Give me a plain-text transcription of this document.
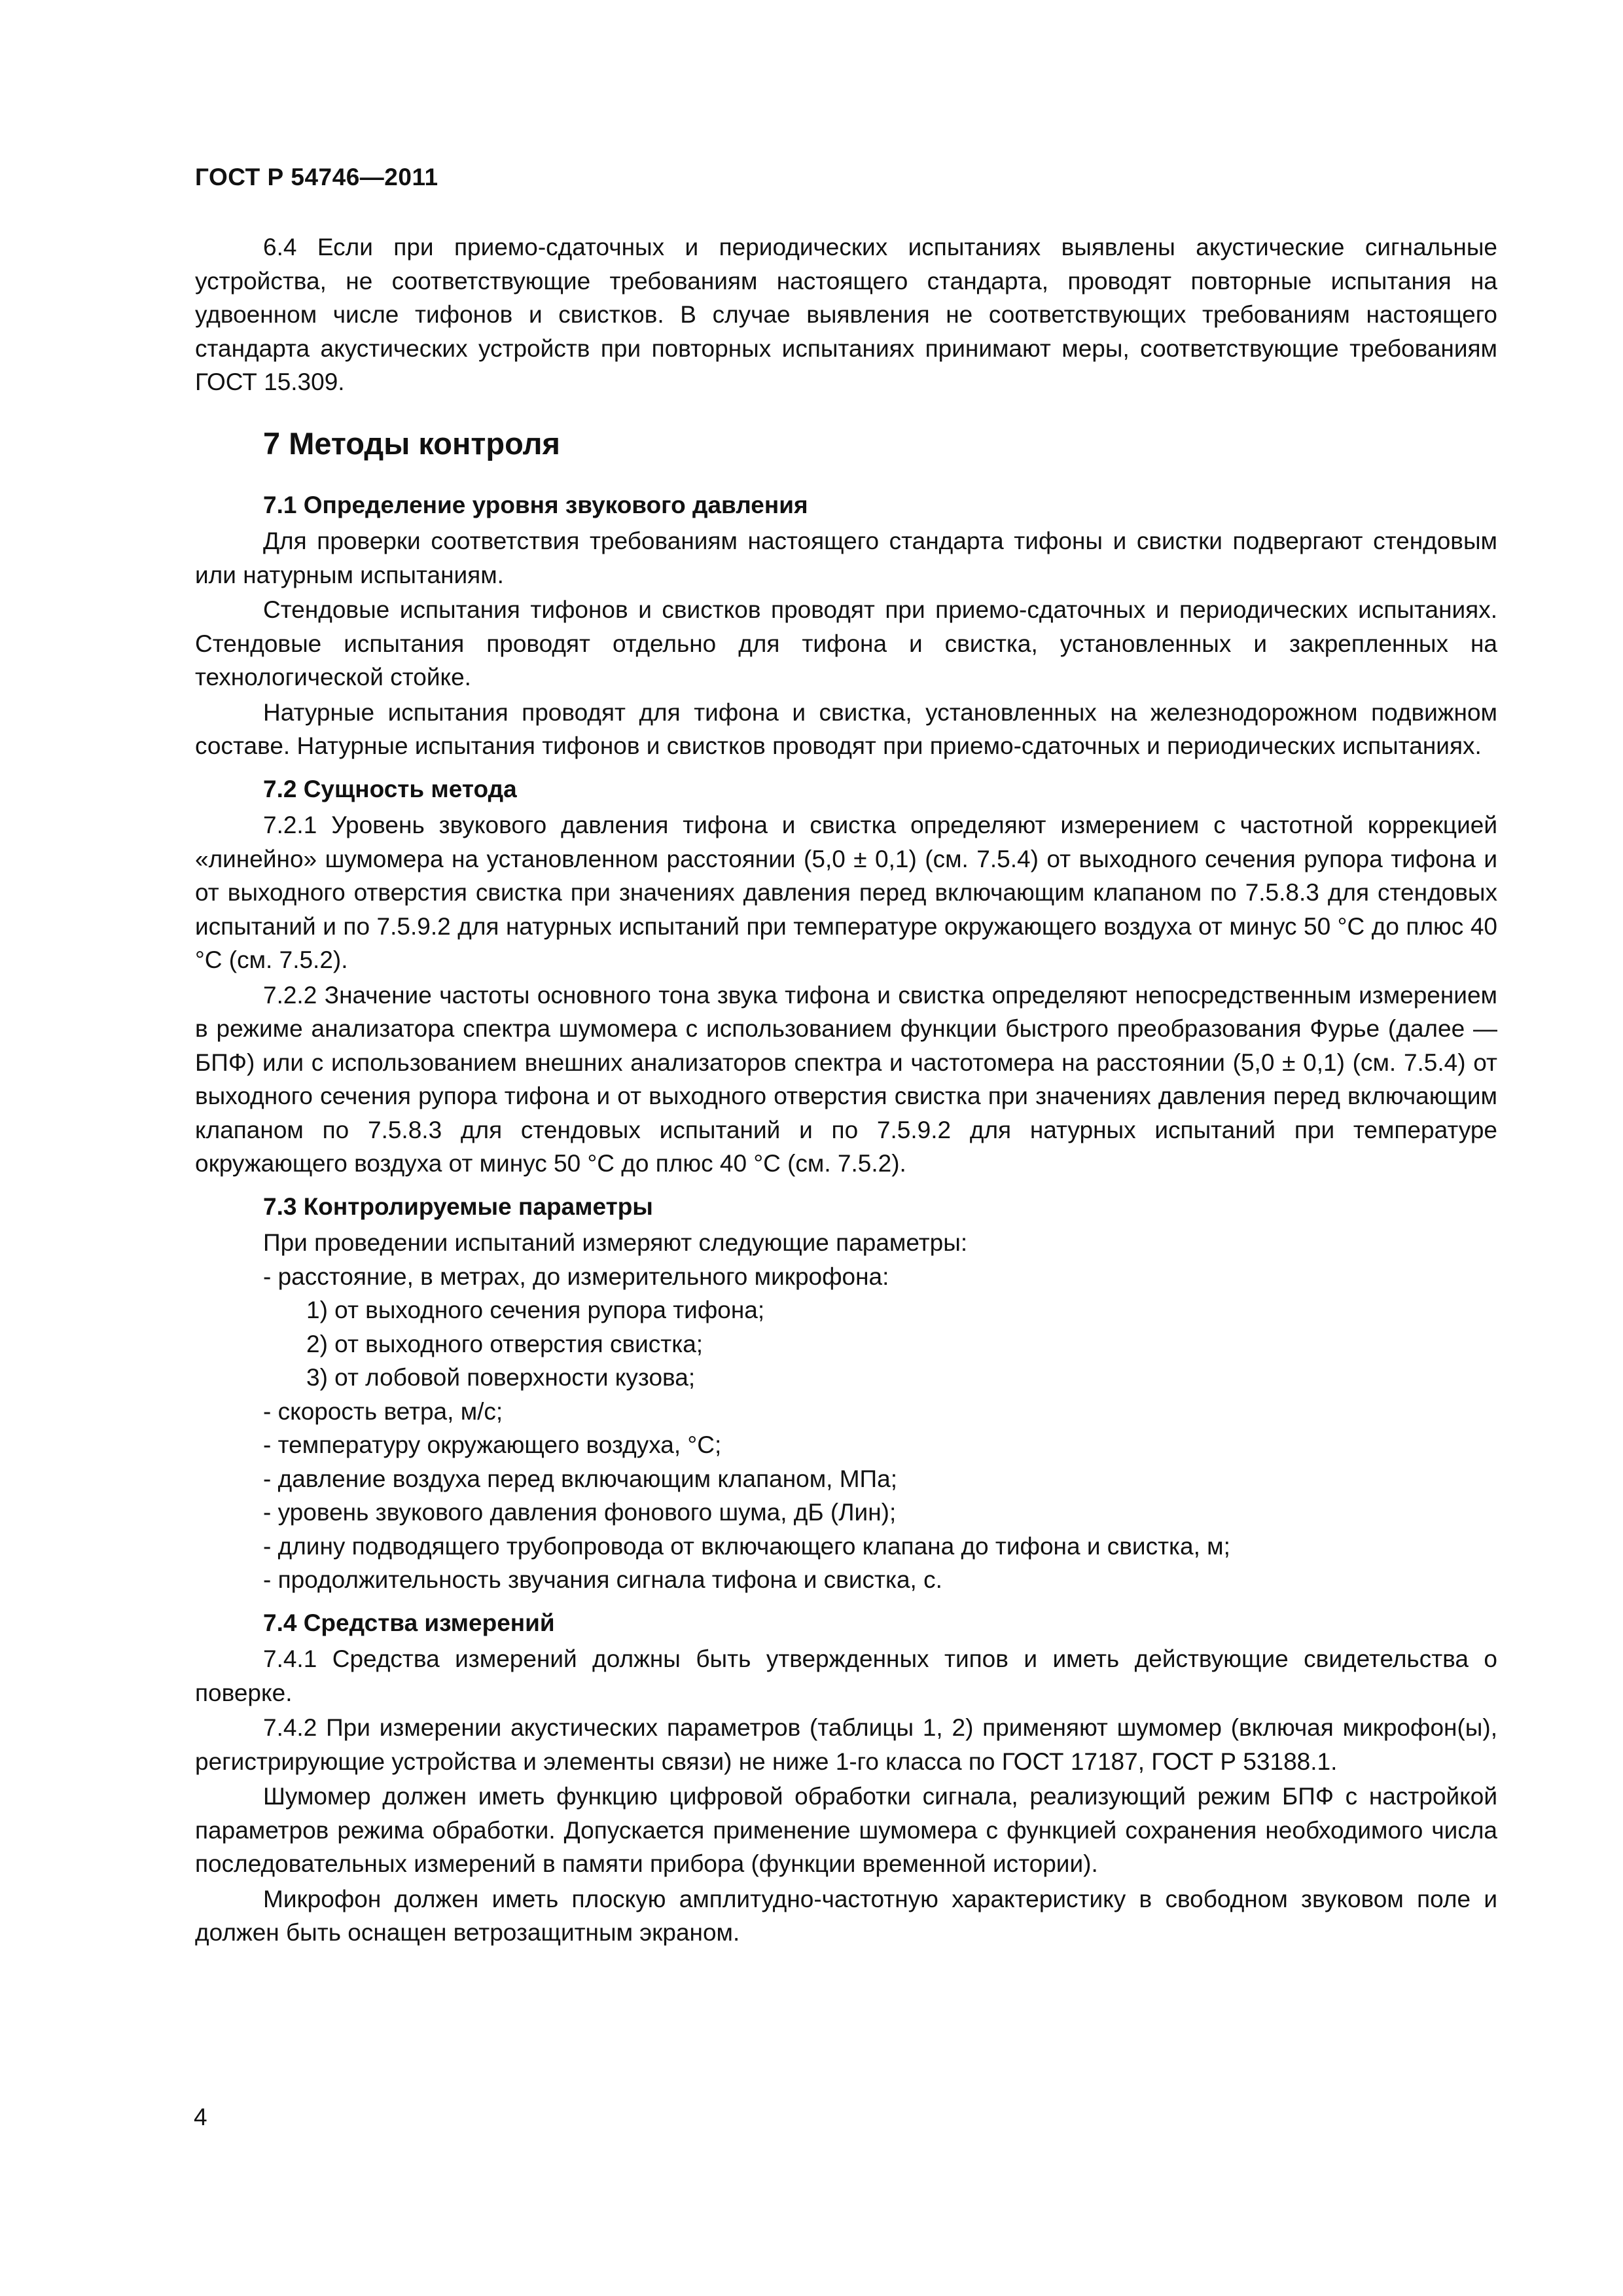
ГОСТ Р 54746—2011

6.4 Если при приемо-сдаточных и периодических испытаниях выявлены акустические сигнальные устройства, не соответствующие требованиям настоящего стандарта, проводят повторные испытания на удвоенном числе тифонов и свистков. В случае выявления не соответствующих требованиям настоящего стандарта акустических устройств при повторных испытаниях принимают меры, соответствующие требованиям ГОСТ 15.309.

7 Методы контроля
7.1 Определение уровня звукового давления

Для проверки соответствия требованиям настоящего стандарта тифоны и свистки подвергают стендовым или натурным испытаниям.

Стендовые испытания тифонов и свистков проводят при приемо-сдаточных и периодических испытаниях. Стендовые испытания проводят отдельно для тифона и свистка, установленных и закрепленных на технологической стойке.

Натурные испытания проводят для тифона и свистка, установленных на железнодорожном подвижном составе. Натурные испытания тифонов и свистков проводят при приемо-сдаточных и периодических испытаниях.

7.2 Сущность метода

7.2.1 Уровень звукового давления тифона и свистка определяют измерением с частотной коррекцией «линейно» шумомера на установленном расстоянии (5,0 ± 0,1) (см. 7.5.4) от выходного сечения рупора тифона и от выходного отверстия свистка при значениях давления перед включающим клапаном по 7.5.8.3 для стендовых испытаний и по 7.5.9.2 для натурных испытаний при температуре окружающего воздуха от минус 50 °С до плюс 40 °С (см. 7.5.2).

7.2.2 Значение частоты основного тона звука тифона и свистка определяют непосредственным измерением в режиме анализатора спектра шумомера с использованием функции быстрого преобразования Фурье (далее — БПФ) или с использованием внешних анализаторов спектра и частотомера на расстоянии (5,0 ± 0,1) (см. 7.5.4) от выходного сечения рупора тифона и от выходного отверстия свистка при значениях давления перед включающим клапаном по 7.5.8.3 для стендовых испытаний и по 7.5.9.2 для натурных испытаний при температуре окружающего воздуха от минус 50 °С до плюс 40 °С (см. 7.5.2).

7.3 Контролируемые параметры
При проведении испытаний измеряют следующие параметры:
- расстояние, в метрах, до измерительного микрофона:
1) от выходного сечения рупора тифона;
2) от выходного отверстия свистка;
3) от лобовой поверхности кузова;
- скорость ветра, м/с;
- температуру окружающего воздуха, °С;
- давление воздуха перед включающим клапаном, МПа;
- уровень звукового давления фонового шума, дБ (Лин);
- длину подводящего трубопровода от включающего клапана до тифона и свистка, м;
- продолжительность звучания сигнала тифона и свистка, с.
7.4 Средства измерений

7.4.1 Средства измерений должны быть утвержденных типов и иметь действующие свидетельства о поверке.

7.4.2 При измерении акустических параметров (таблицы 1, 2) применяют шумомер (включая микрофон(ы), регистрирующие устройства и элементы связи) не ниже 1-го класса по ГОСТ 17187, ГОСТ Р 53188.1.

Шумомер должен иметь функцию цифровой обработки сигнала, реализующий режим БПФ с настройкой параметров режима обработки. Допускается применение шумомера с функцией сохранения необходимого числа последовательных измерений в памяти прибора (функции временной истории).

Микрофон должен иметь плоскую амплитудно-частотную характеристику в свободном звуковом поле и должен быть оснащен ветрозащитным экраном.

4
